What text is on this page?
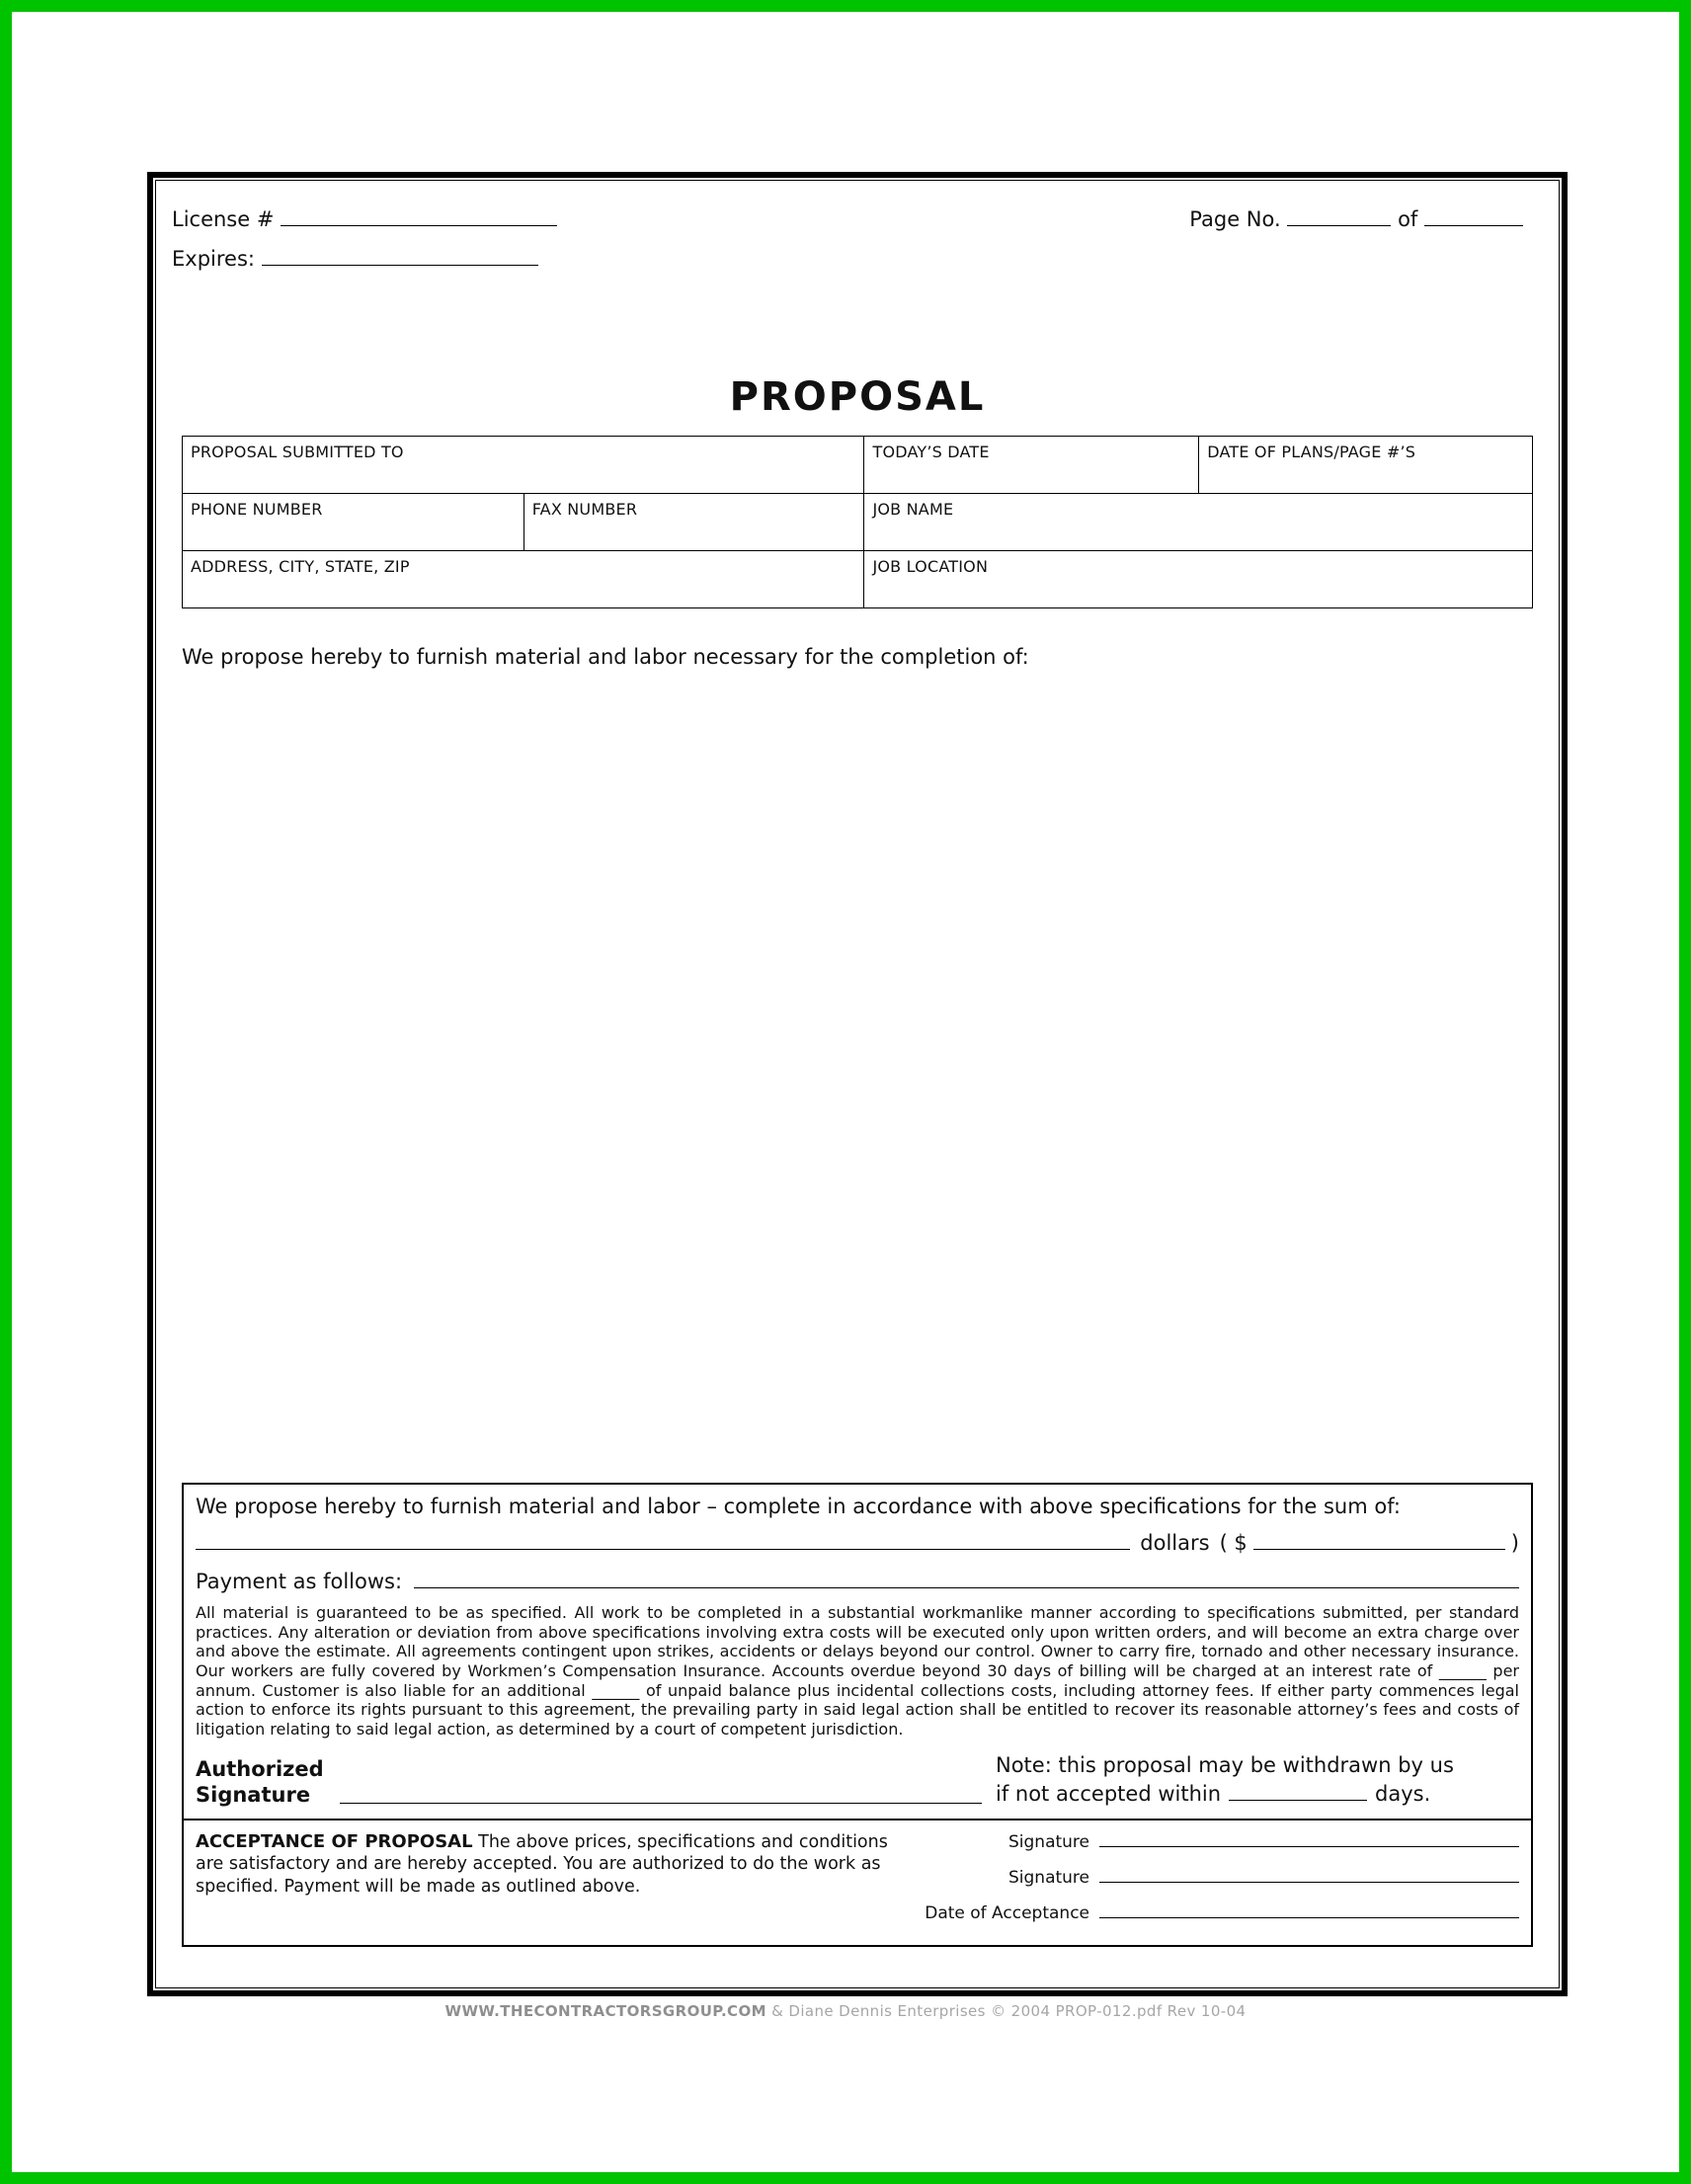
License #
Expires:
Page No.	of
PROPOSAL
PROPOSAL SUBMITTED TO		TODAY’S DATE	DATE OF PLANS/PAGE #’S
PHONE NUMBER	FAX NUMBER	JOB NAME	
ADDRESS, CITY, STATE, ZIP		JOB LOCATION	
We propose hereby to furnish material and labor necessary for the completion of:
We propose hereby to furnish material and labor – complete in accordance with above specifications for the sum of:
dollars ( $	)
Payment as follows:
All material is guaranteed to be as specified. All work to be completed in a substantial workmanlike manner according to specifications submitted, per standard practices. Any alteration or deviation from above specifications involving extra costs will be executed only upon written orders, and will become an extra charge over and above the estimate. All agreements contingent upon strikes, accidents or delays beyond our control. Owner to carry fire, tornado and other necessary insurance. Our workers are fully covered by Workmen’s Compensation Insurance. Accounts overdue beyond 30 days of billing will be charged at an interest rate of ______ per annum. Customer is also liable for an additional ______ of unpaid balance plus incidental collections costs, including attorney fees. If either party commences legal action to enforce its rights pursuant to this agreement, the prevailing party in said legal action shall be entitled to recover its reasonable attorney’s fees and costs of litigation relating to said legal action, as determined by a court of competent jurisdiction.
Authorized
Signature
Note: this proposal may be withdrawn by us
if not accepted within	days.
ACCEPTANCE OF PROPOSAL The above prices, specifications and conditions are satisfactory and are hereby accepted. You are authorized to do the work as specified. Payment will be made as outlined above.
Signature
Signature
Date of Acceptance
WWW.THECONTRACTORSGROUP.COM & Diane Dennis Enterprises © 2004 PROP-012.pdf Rev 10-04
